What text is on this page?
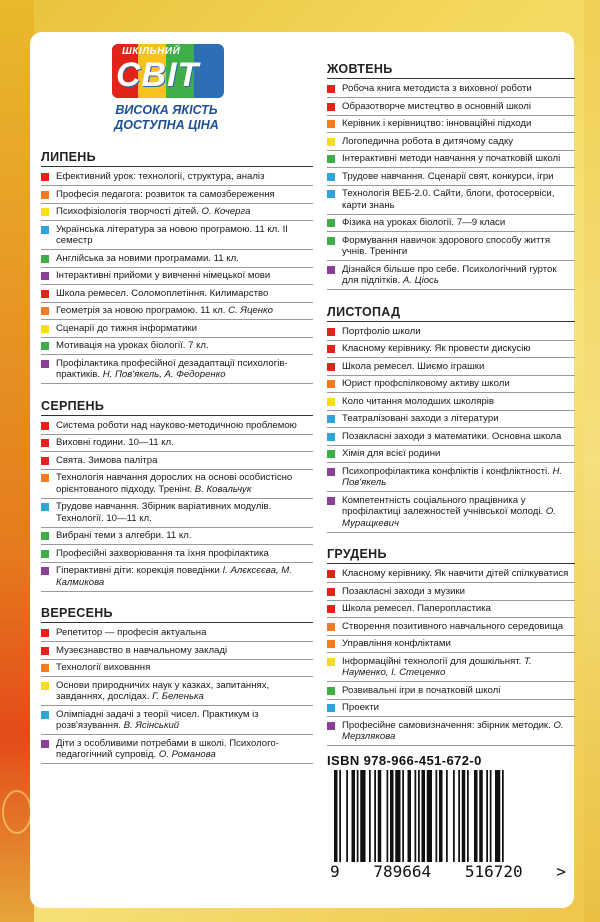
ШКІЛЬНИЙ
СВІТ
ВИСОКА ЯКІСТЬ
ДОСТУПНА ЦІНА
ЛИПЕНЬ
Ефективний урок: технології, структура, аналіз
Професія педагога: розвиток та самозбереження
Психофізіологія творчості дітей. О. Кочерга
Українська література за новою програмою. 11 кл. ІІ семестр
Англійська за новими програмами. 11 кл.
Інтерактивні прийоми у вивченні німецької мови
Школа ремесел. Соломоплетіння. Килимарство
Геометрія за новою програмою. 11 кл. С. Яценко
Сценарії до тижня інформатики
Мотивація на уроках біології. 7 кл.
Профілактика професійної дезадаптації психологів-практиків. Н. Пов'якель, А. Федоренко
СЕРПЕНЬ
Система роботи над науково-методичною проблемою
Виховні години. 10—11 кл.
Свята. Зимова палітра
Технологія навчання дорослих на основі особистісно орієнтованого підходу. Тренінг. В. Ковальчук
Трудове навчання. Збірник варіативних модулів. Технології. 10—11 кл.
Вибрані теми з алгебри. 11 кл.
Професійні захворювання та їхня профілактика
Гіперактивні діти: корекція поведінки І. Алєксєєва, М. Калмикова
ВЕРЕСЕНЬ
Репетитор — професія актуальна
Музеєзнавство в навчальному закладі
Технології виховання
Основи природничих наук у казках, запитаннях, завданнях, дослідах. Г. Беленька
Олімпіадні задачі з теорії чисел. Практикум із розв'язування. В. Ясінський
Діти з особливими потребами в школі. Психолого-педагогічний супровід. О. Романова
ЖОВТЕНЬ
Робоча книга методиста з виховної роботи
Образотворче мистецтво в основній школі
Керівник і керівництво: інноваційні підходи
Логопедична робота в дитячому садку
Інтерактивні методи навчання у початковій школі
Трудове навчання. Сценарії свят, конкурси, ігри
Технологія ВЕБ-2.0. Сайти, блоги, фотосервіси, карти знань
Фізика на уроках біології. 7—9 класи
Формування навичок здорового способу життя учнів. Тренінги
Дізнайся більше про себе. Психологічний гурток для підлітків. А. Ціось
ЛИСТОПАД
Портфоліо школи
Класному керівнику. Як провести дискусію
Школа ремесел. Шиємо іграшки
Юрист профспілковому активу школи
Коло читання молодших школярів
Театралізовані заходи з літератури
Позакласні заходи з математики. Основна школа
Хімія для всієї родини
Психопрофілактика конфліктів і конфліктності. Н. Пов'якель
Компетентність соціального працівника у профілактиці залежностей учнівської молоді. О. Муращкевич
ГРУДЕНЬ
Класному керівнику. Як навчити дітей спілкуватися
Позакласні заходи з музики
Школа ремесел. Паперопластика
Створення позитивного навчального середовища
Управління конфліктами
Інформаційні технології для дошкільнят. Т. Науменко, І. Стеценко
Розвивальні ігри в початковій школі
Проекти
Професійне самовизначення: збірник методик. О. Мерзлякова
ISBN 978-966-451-672-0
9 789664 516720 >
